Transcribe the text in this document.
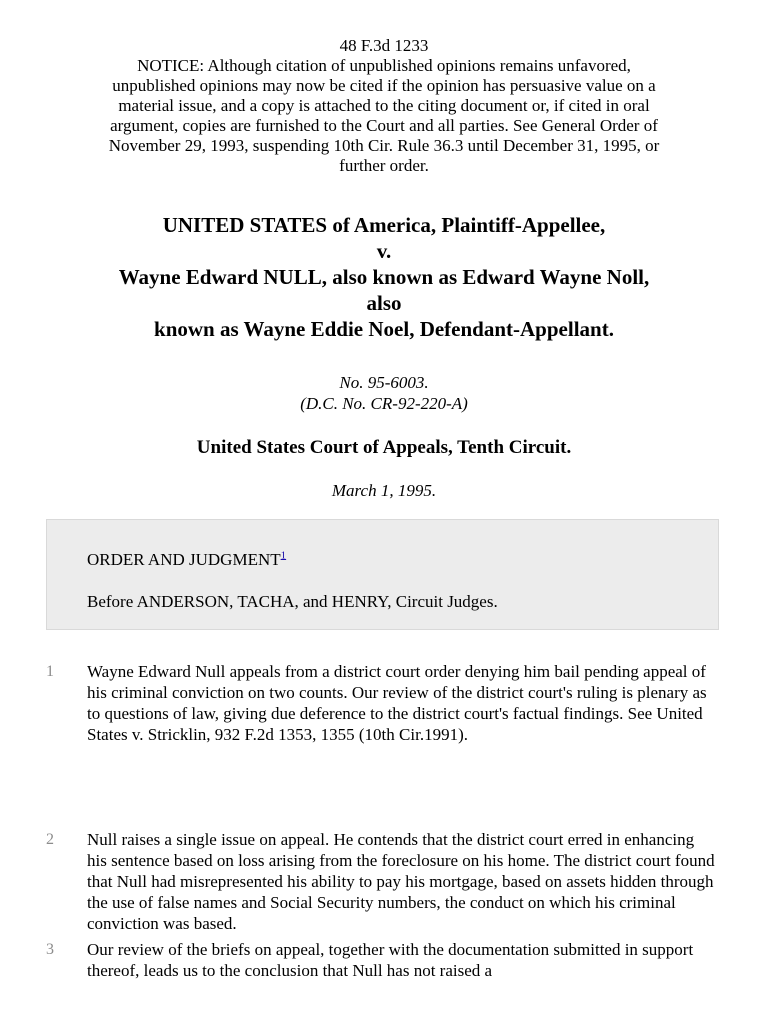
48 F.3d 1233
NOTICE: Although citation of unpublished opinions remains unfavored,
unpublished opinions may now be cited if the opinion has persuasive value on a
material issue, and a copy is attached to the citing document or, if cited in oral
argument, copies are furnished to the Court and all parties. See General Order of
November 29, 1993, suspending 10th Cir. Rule 36.3 until December 31, 1995, or
further order.
UNITED STATES of America, Plaintiff-Appellee,
v.
Wayne Edward NULL, also known as Edward Wayne Noll,
also
known as Wayne Eddie Noel, Defendant-Appellant.
No. 95-6003.
(D.C. No. CR-92-220-A)
United States Court of Appeals, Tenth Circuit.
March 1, 1995.
ORDER AND JUDGMENT$^1$
Before ANDERSON, TACHA, and HENRY, Circuit Judges.
1	Wayne Edward Null appeals from a district court order denying him bail pending appeal of his criminal conviction on two counts. Our review of the district court's ruling is plenary as to questions of law, giving due deference to the district court's factual findings. See United States v. Stricklin, 932 F.2d 1353, 1355 (10th Cir.1991).
2	Null raises a single issue on appeal. He contends that the district court erred in enhancing his sentence based on loss arising from the foreclosure on his home. The district court found that Null had misrepresented his ability to pay his mortgage, based on assets hidden through the use of false names and Social Security numbers, the conduct on which his criminal conviction was based.
3	Our review of the briefs on appeal, together with the documentation submitted in support thereof, leads us to the conclusion that Null has not raised a
